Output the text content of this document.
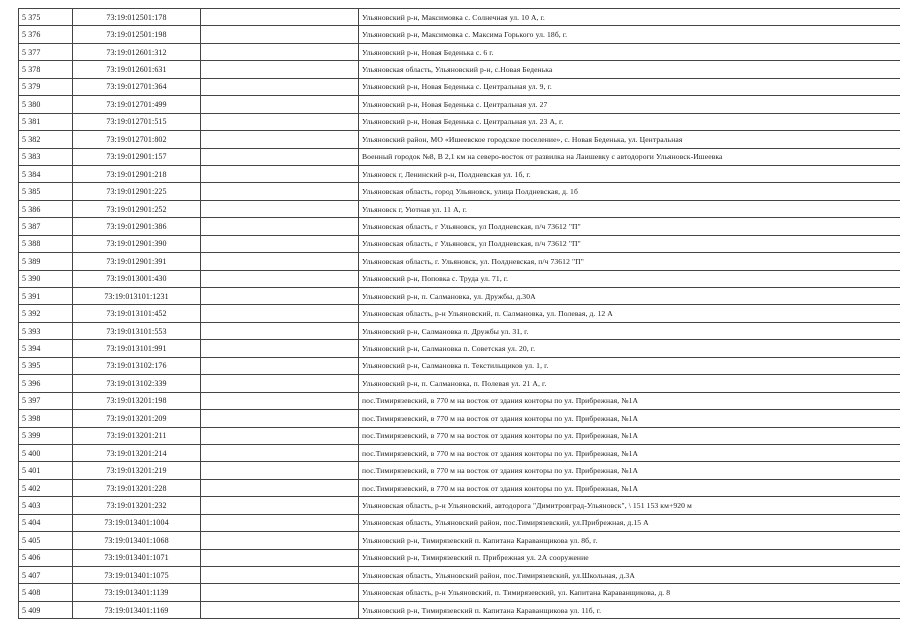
5 375	73:19:012501:178		Ульяновский р-н, Максимовка с. Солнечная ул. 10 А, г.
5 376	73:19:012501:198		Ульяновский р-н, Максимовка с. Максима Горького ул. 18б, г.
5 377	73:19:012601:312		Ульяновский р-н, Новая Беденька с. 6 г.
5 378	73:19:012601:631		Ульяновская область, Ульяновский р-н, с.Новая Беденька
5 379	73:19:012701:364		Ульяновский р-н, Новая Беденька с. Центральная ул. 9, г.
5 380	73:19:012701:499		Ульяновский р-н, Новая Беденька с. Центральная ул. 27
5 381	73:19:012701:515		Ульяновский р-н, Новая Беденька с. Центральная ул. 23 А, г.
5 382	73:19:012701:802		Ульяновский район, МО «Ишеевское городское поселение», с. Новая Беденька, ул. Центральная
5 383	73:19:012901:157		Военный городок №8, В 2,1 км на северо-восток от развилка на Лаишевку с автодороги Ульяновск-Ишеевка
5 384	73:19:012901:218		Ульяновск г, Ленинский р-н, Полдневская ул. 1б, г.
5 385	73:19:012901:225		Ульяновская область, город Ульяновск, улица Полдневская, д. 1б
5 386	73:19:012901:252		Ульяновск г, Уютная ул. 11 А, г.
5 387	73:19:012901:386		Ульяновская область, г Ульяновск, ул Полдневская, п/ч 73612 "П"
5 388	73:19:012901:390		Ульяновская область, г Ульяновск, ул Полдневская, п/ч 73612 "П"
5 389	73:19:012901:391		Ульяновская область, г. Ульяновск, ул. Полдневская, п/ч 73612 "П"
5 390	73:19:013001:430		Ульяновский р-н, Поповка с. Труда ул. 71, г.
5 391	73:19:013101:1231		Ульяновский р-н, п. Салмановка, ул. Дружбы, д.30А
5 392	73:19:013101:452		Ульяновская область, р-н Ульяновский, п. Салмановка, ул. Полевая, д. 12 А
5 393	73:19:013101:553		Ульяновский р-н, Салмановка п. Дружбы ул. 31, г.
5 394	73:19:013101:991		Ульяновский р-н, Салмановка п. Советская ул. 20, г.
5 395	73:19:013102:176		Ульяновский р-н, Салмановка п. Текстильщиков ул. 1, г.
5 396	73:19:013102:339		Ульяновский р-н, п. Салмановка, п. Полевая ул. 21 А, г.
5 397	73:19:013201:198		пос.Тимирязевский, в 770 м на восток от здания конторы по ул. Прибрежная, №1А
5 398	73:19:013201:209		пос.Тимирязевский, в 770 м на восток от здания конторы по ул. Прибрежная, №1А
5 399	73:19:013201:211		пос.Тимирязевский, в 770 м на восток от здания конторы по ул. Прибрежная, №1А
5 400	73:19:013201:214		пос.Тимирязевский, в 770 м на восток от здания конторы по ул. Прибрежная, №1А
5 401	73:19:013201:219		пос.Тимирязевский, в 770 м на восток от здания конторы по ул. Прибрежная, №1А
5 402	73:19:013201:228		пос.Тимирязевский, в 770 м на восток от здания конторы по ул. Прибрежная, №1А
5 403	73:19:013201:232		Ульяновская область, р-н Ульяновский, автодорога "Димитровград-Ульяновск", \ 151 153 км+920 м
5 404	73:19:013401:1004		Ульяновская область, Ульяновский район, пос.Тимирязевский, ул.Прибрежная, д.15 А
5 405	73:19:013401:1068		Ульяновский р-н, Тимирязевский п. Капитана Караванщикова ул. 8б, г.
5 406	73:19:013401:1071		Ульяновский р-н, Тимирязевский п. Прибрежная ул. 2А сооружение
5 407	73:19:013401:1075		Ульяновская область, Ульяновский район, пос.Тимирязевский, ул.Школьная, д.3А
5 408	73:19:013401:1139		Ульяновская область, р-н Ульяновский, п. Тимирязевский, ул. Капитана Караванщикова, д. 8
5 409	73:19:013401:1169		Ульяновский р-н, Тимирязевский п. Капитана Караванщикова ул. 11б, г.
